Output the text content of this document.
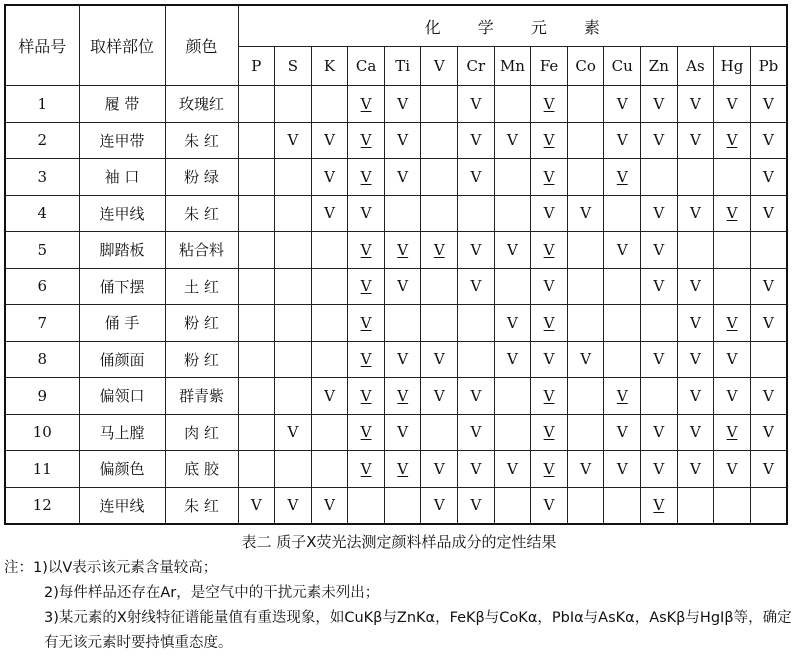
样品号	取样部位	颜色	化 学 元 素														
			P	S	K	Ca	Ti	V	Cr	Mn	Fe	Co	Cu	Zn	As	Hg	Pb
1	履 带	玫瑰红				V	V		V		V		V	V	V	V	V
2	连甲带	朱 红		V	V	V	V		V	V	V		V	V	V	V	V
3	袖 口	粉 绿			V	V	V		V		V		V				V
4	连甲线	朱 红			V	V					V	V		V	V	V	V
5	脚踏板	粘合料				V	V	V	V	V	V		V	V			
6	俑下摆	土 红				V	V		V		V			V	V		V
7	俑 手	粉 红				V				V	V				V	V	V
8	俑颜面	粉 红				V	V	V		V	V	V		V	V	V	
9	偏领口	群青紫			V	V	V	V	V		V		V		V	V	V
10	马上膛	肉 红		V		V	V		V		V		V	V	V	V	V
11	偏颜色	底 胶				V	V	V	V	V	V	V	V	V	V	V	V
12	连甲线	朱 红	V	V	V			V	V		V			V			
表二 质子X荧光法测定颜料样品成分的定性结果
注：1)以V表示该元素含量较高；
2)每件样品还存在Ar，是空气中的干扰元素未列出；
3)某元素的X射线特征谱能量值有重迭现象，如CuKβ与ZnKα，FeKβ与CoKα，PbIα与AsKα，AsKβ与HgIβ等，确定有无该元素时要持慎重态度。
